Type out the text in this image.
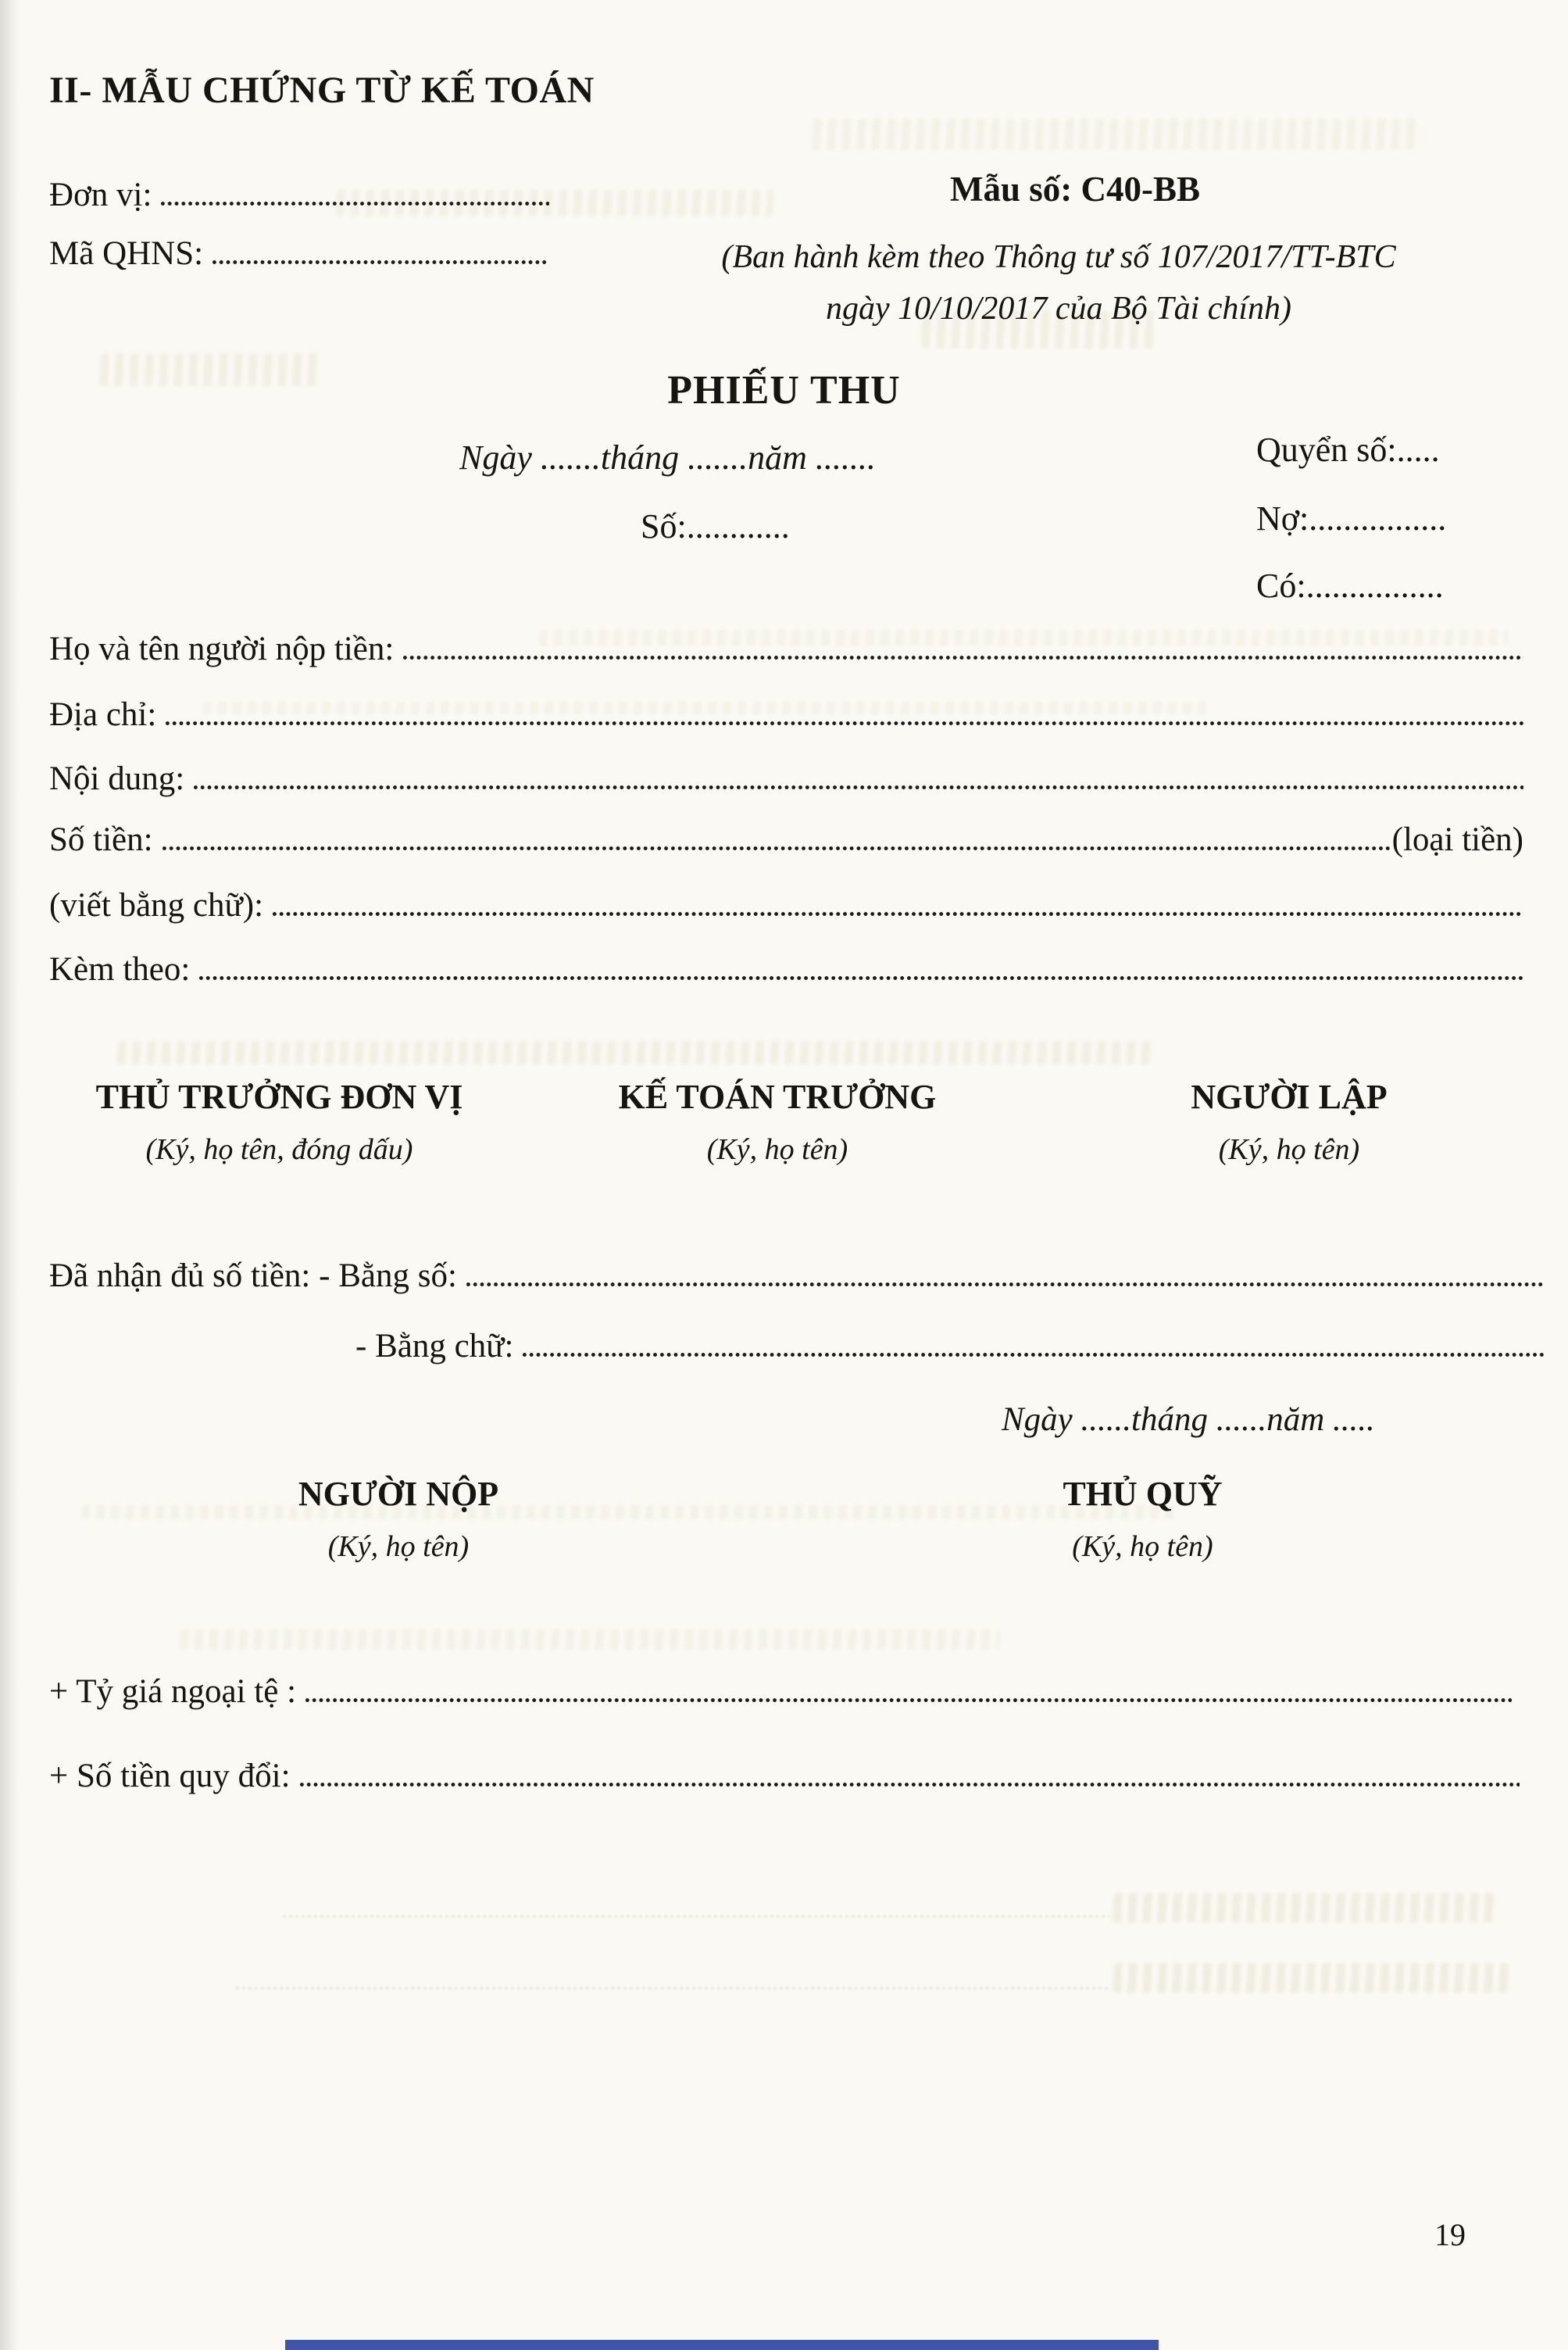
II- MẪU CHỨNG TỪ KẾ TOÁN
Đơn vị:	Mẫu số: C40-BB
Mã QHNS:	(Ban hành kèm theo Thông tư số 107/2017/TT-BTC
ngày 10/10/2017 của Bộ Tài chính)
PHIẾU THU
Ngày .......tháng .......năm .......	Quyển số:.....
Số:............	Nợ:................
Có:................
Họ và tên người nộp tiền:
Địa chỉ:
Nội dung:
Số tiền:	(loại tiền)
(viết bằng chữ):
Kèm theo:
THỦ TRƯỞNG ĐƠN VỊ
(Ký, họ tên, đóng dấu)
KẾ TOÁN TRƯỞNG
(Ký, họ tên)
NGƯỜI LẬP
(Ký, họ tên)
Đã nhận đủ số tiền: - Bằng số:
- Bằng chữ:
Ngày ......tháng ......năm .....
NGƯỜI NỘP
(Ký, họ tên)
THỦ QUỸ
(Ký, họ tên)
+ Tỷ giá ngoại tệ :
+ Số tiền quy đổi:
19
